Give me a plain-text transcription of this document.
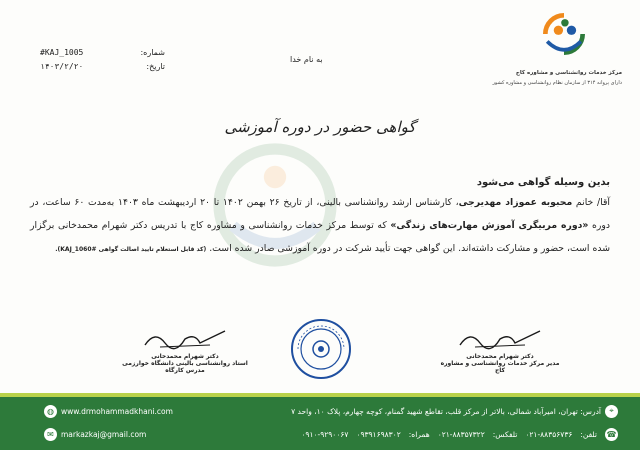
مرکز خدمات روانشناسی و مشاوره کاج
دارای پروانه ۳۱۴ از سازمان نظام روانشناسی و مشاوره کشور
به نام خدا
#KAJ_1005	شماره:
۱۴۰۳/۲/۲۰	تاریخ:
گواهی حضور در دوره آموزشی

بدین وسیله گواهی می‌شود

آقا/ خانم محبوبه عموزاد مهدیرجی، کارشناس ارشد روانشناسی بالینی، از تاریخ ۲۶ بهمن ۱۴۰۲ تا ۲۰ اردیبهشت ماه ۱۴۰۳ به‌مدت ۶۰ ساعت، در دوره «دوره مربیگری آموزش مهارت‌های زندگی» که توسط مرکز خدمات روانشناسی و مشاوره کاج با تدریس دکتر شهرام محمدخانی برگزار شده است، حضور و مشارکت داشته‌اند. این گواهی جهت تأیید شرکت در دوره آموزشی صادر شده است. (کد قابل استعلام تایید اصالت گواهی #KAJ_1060).

دکتر شهرام محمدخانی
استاد روانشناسی بالینی دانشگاه خوارزمی
مدرس کارگاه
دکتر شهرام محمدخانی
مدیر مرکز خدمات روانشناسی و مشاوره
کاج
◍ www.drmohammadkhani.com
✉ markazkaj@gmail.com
⌖
آدرس:

تهران، امیرآباد شمالی، بالاتر از مرکز قلب، تقاطع شهید گمنام، کوچه چهارم، پلاک ۱۰، واحد ۷
☎
تلفن:
۰۲۱-۸۸۳۵۶۷۳۶
تلفکس:
۰۲۱-۸۸۳۵۷۳۲۲
همراه:
۰۹۳۹۱۶۹۸۳۰۲
۰۹۱۰-۹۲۹۰۰۶۷
